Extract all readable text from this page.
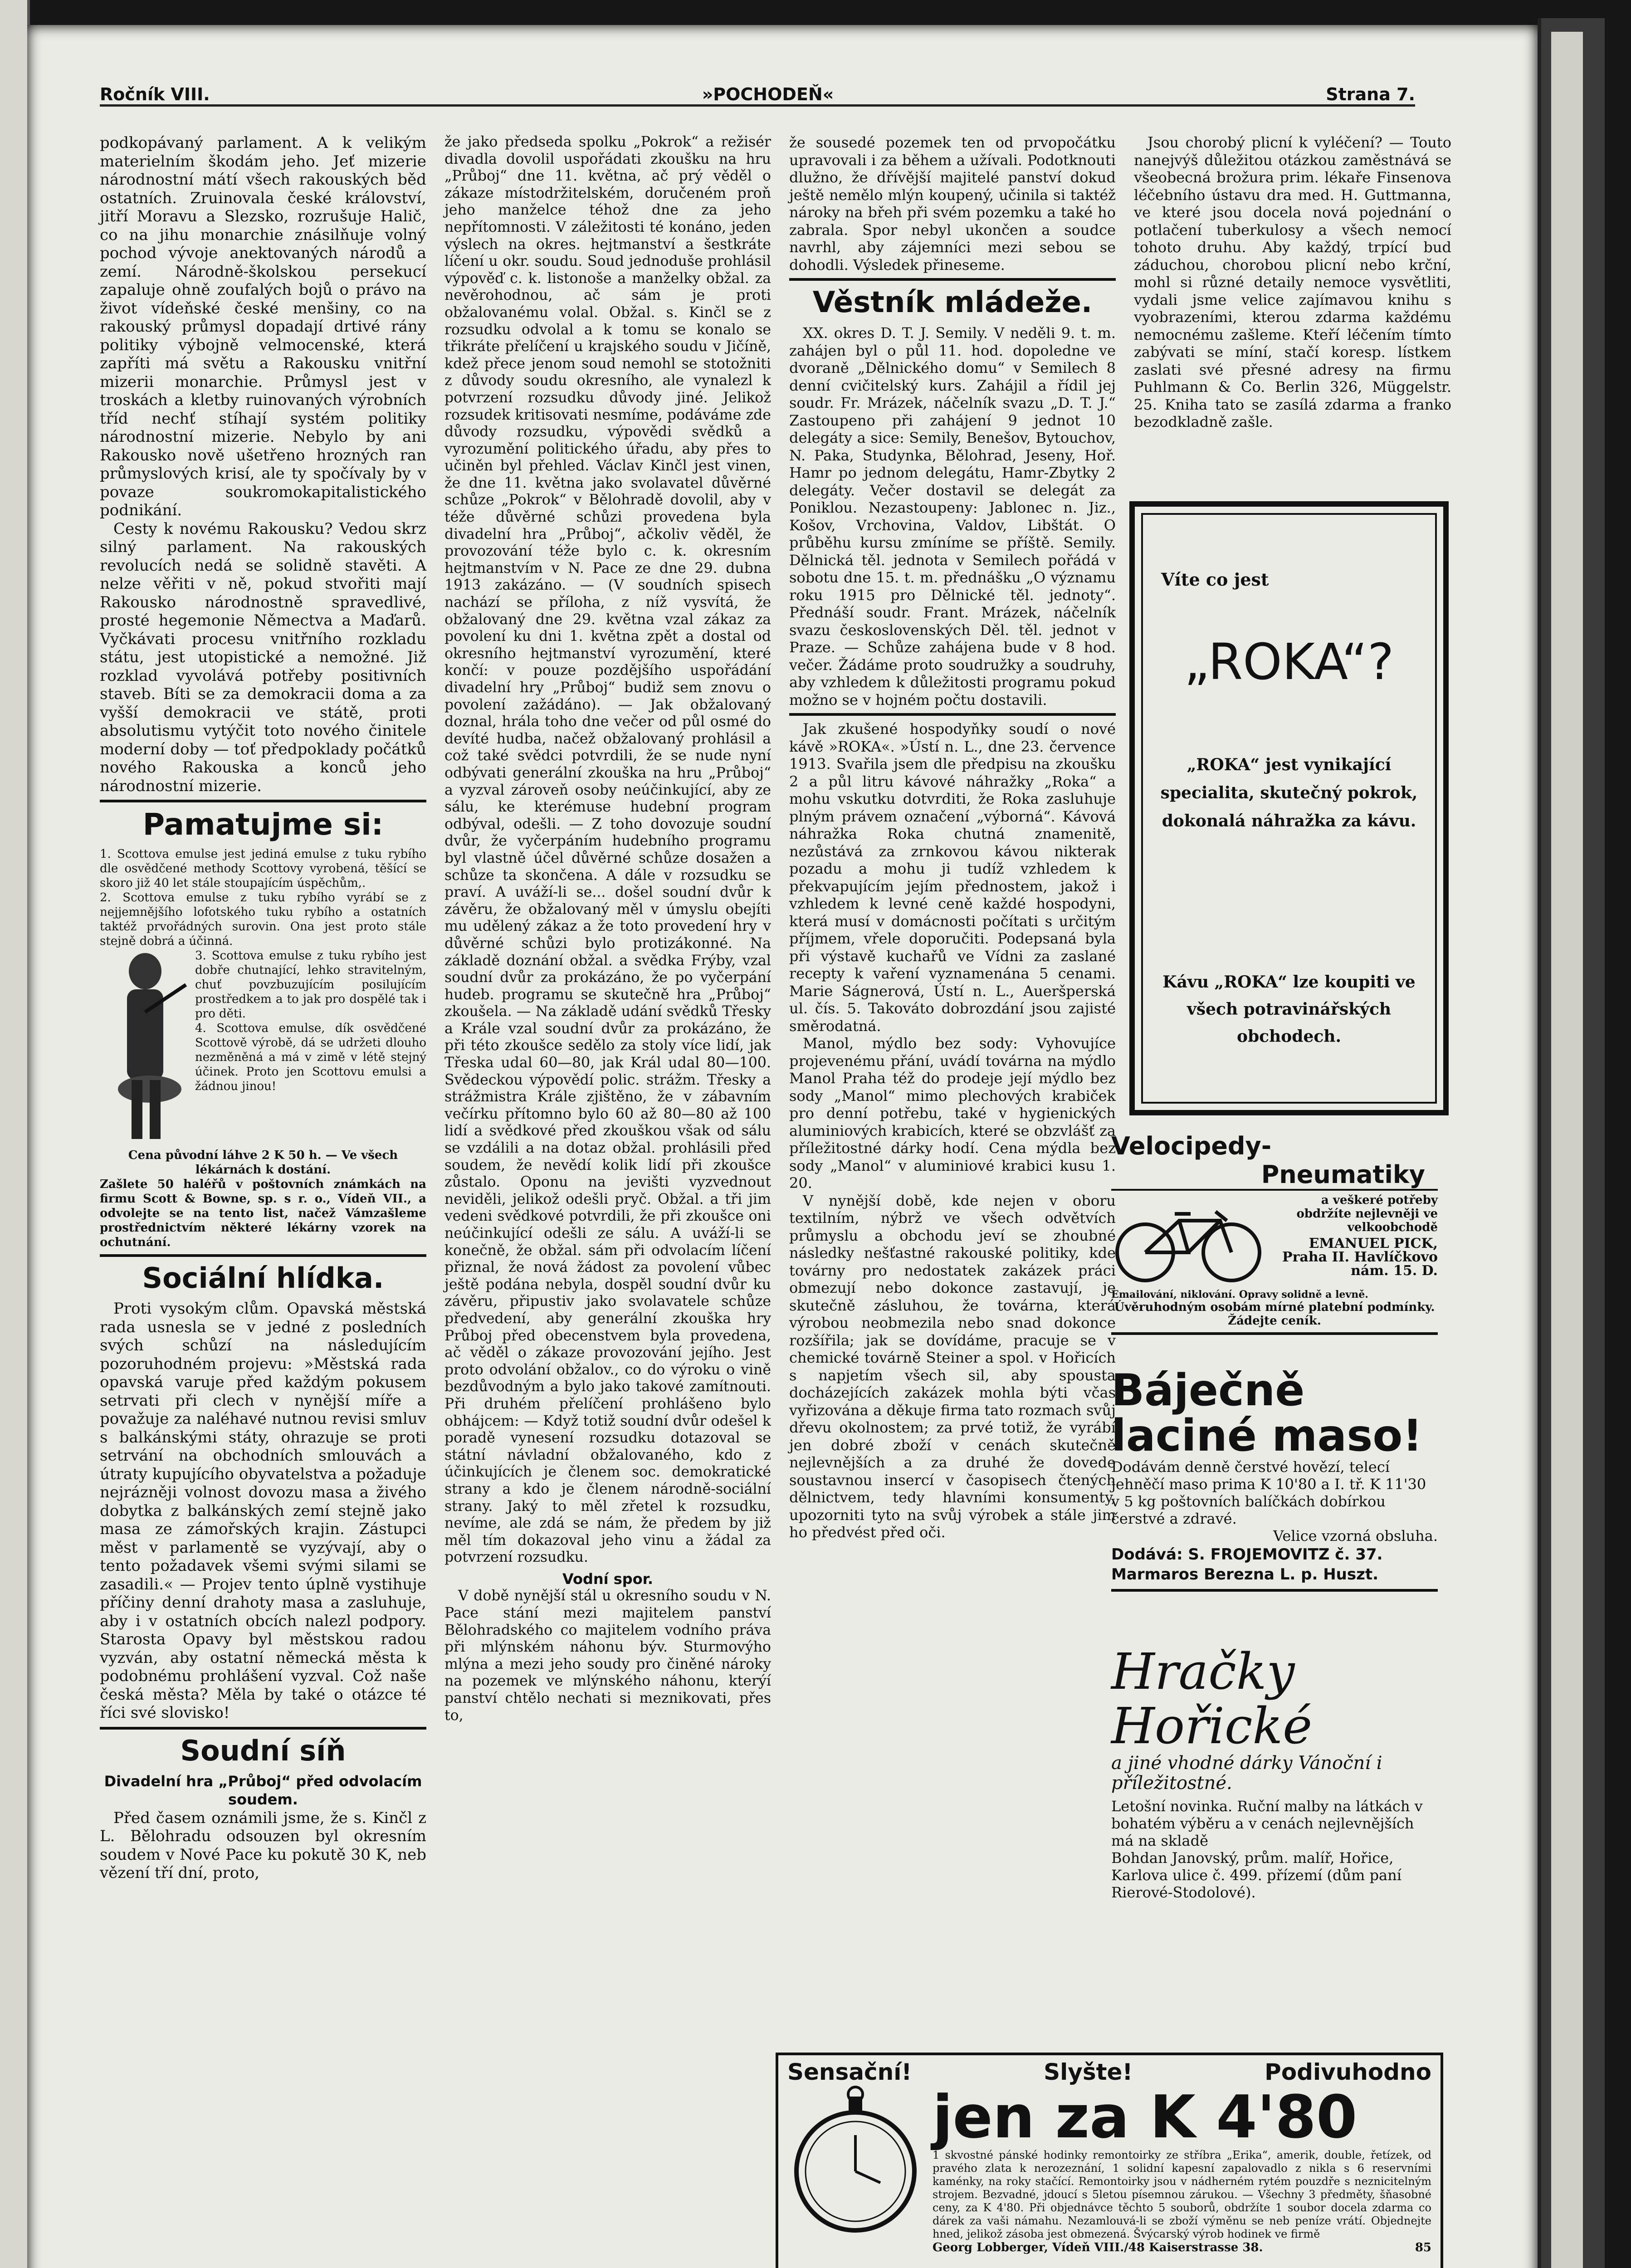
Ročník VIII.	»POCHODEŇ«	Strana 7.

podkopávaný parlament. A k velikým materielním škodám jeho. Jeť mizerie národnostní mátí všech rakouských běd ostatních. Zruinovala české království, jitří Moravu a Slezsko, rozrušuje Halič, co na jihu monarchie znásilňuje volný pochod vývoje anektovaných národů a zemí. Národně-školskou persekucí zapaluje ohně zoufalých bojů o právo na život vídeňské české menšiny, co na rakouský průmysl dopadají drtivé rány politiky výbojně velmocenské, která zapříti má světu a Rakousku vnitřní mizerii monarchie. Průmysl jest v troskách a kletby ruinovaných výrobních tříd nechť stíhají systém politiky národnostní mizerie. Nebylo by ani Rakousko nově ušetřeno hrozných ran průmyslových krisí, ale ty spočívaly by v povaze soukromokapitalistického podnikání.

Cesty k novému Rakousku? Vedou skrz silný parlament. Na rakouských revolucích nedá se solidně stavěti. A nelze věřiti v ně, pokud stvořiti mají Rakousko národnostně spravedlivé, prosté hegemonie Němectva a Maďarů. Vyčkávati procesu vnitřního rozkladu státu, jest utopistické a nemožné. Již rozklad vyvolává potřeby positivních staveb. Bíti se za demokracii doma a za vyšší demokracii ve státě, proti absolutismu vytýčit toto nového činitele moderní doby — toť předpoklady počátků nového Rakouska a konců jeho národnostní mizerie.

Pamatujme si:

1. Scottova emulse jest jediná emulse z tuku rybího dle osvědčené methody Scottovy vyrobená, těšící se skoro již 40 let stále stoupajícím úspěchům,.

2. Scottova emulse z tuku rybího vyrábí se z nejjemnějšího lofotského tuku rybího a ostatních taktéž prvořádných surovin. Ona jest proto stále stejně dobrá a účinná.

3. Scottova emulse z tuku rybího jest dobře chutnající, lehko stravitelným, chuť povzbuzujícím posilujícím prostředkem a to jak pro dospělé tak i pro děti.

4. Scottova emulse, dík osvědčené Scottově výrobě, dá se udržeti dlouho nezměněná a má v zimě v létě stejný účinek. Proto jen Scottovu emulsi a žádnou jinou!

Cena původní láhve 2 K 50 h. — Ve všech lékárnách k dostání.

Zašlete 50 haléřů v poštovních známkách na firmu Scott & Bowne, sp. s r. o., Vídeň VII., a odvolejte se na tento list, načež Vámzašleme prostřednictvím některé lékárny vzorek na ochutnání.

Sociální hlídka.

Proti vysokým clům. Opavská městská rada usnesla se v jedné z posledních svých schůzí na následujícím pozoruhodném projevu: »Městská rada opavská varuje před každým pokusem setrvati při clech v nynější míře a považuje za naléhavé nutnou revisi smluv s balkánskými státy, ohrazuje se proti setrvání na obchodních smlouvách a útraty kupujícího obyvatelstva a požaduje nejrázněji volnost dovozu masa a živého dobytka z balkánských zemí stejně jako masa ze zámořských krajin. Zástupci měst v parlamentě se vyzývají, aby o tento požadavek všemi svými silami se zasadili.« — Projev tento úplně vystihuje příčiny denní drahoty masa a zasluhuje, aby i v ostatních obcích nalezl podpory. Starosta Opavy byl městskou radou vyzván, aby ostatní německá města k podobnému prohlášení vyzval. Což naše česká města? Měla by také o otázce té říci své slovisko!

Soudní síň
Divadelní hra „Průboj“ před odvolacím soudem.

Před časem oznámili jsme, že s. Kinčl z L. Bělohradu odsouzen byl okresním soudem v Nové Pace ku pokutě 30 K, neb vězení tří dní, proto,

že jako předseda spolku „Pokrok“ a režisér divadla dovolil uspořádati zkoušku na hru „Průboj“ dne 11. května, ač prý věděl o zákaze místodržitelském, doručeném proň jeho manželce téhož dne za jeho nepřítomnosti. V záležitosti té konáno, jeden výslech na okres. hejtmanství a šestkráte líčení u okr. soudu. Soud jednoduše prohlásil výpověď c. k. listonoše a manželky obžal. za nevěrohodnou, ač sám je proti obžalovanému volal. Obžal. s. Kinčl se z rozsudku odvolal a k tomu se konalo se třikráte přelíčení u krajského soudu v Jičíně, kdež přece jenom soud nemohl se stotožniti z důvody soudu okresního, ale vynalezl k potvrzení rozsudku důvody jiné. Jelikož rozsudek kritisovati nesmíme, podáváme zde důvody rozsudku, výpovědi svědků a vyrozumění politického úřadu, aby přes to učiněn byl přehled. Václav Kinčl jest vinen, že dne 11. května jako svolavatel důvěrné schůze „Pokrok“ v Bělohradě dovolil, aby v téže důvěrné schůzi provedena byla divadelní hra „Průboj“, ačkoliv věděl, že provozování téže bylo c. k. okresním hejtmanstvím v N. Pace ze dne 29. dubna 1913 zakázáno. — (V soudních spisech nachází se příloha, z níž vysvítá, že obžalovaný dne 29. května vzal zákaz za povolení ku dni 1. května zpět a dostal od okresního hejtmanství vyrozumění, které končí: v pouze pozdějšího uspořádání divadelní hry „Průboj“ budiž sem znovu o povolení zažádáno). — Jak obžalovaný doznal, hrála toho dne večer od půl osmé do devíté hudba, načež obžalovaný prohlásil a což také svědci potvrdili, že se nude nyní odbývati generální zkouška na hru „Průboj“ a vyzval zároveň osoby neúčinkující, aby ze sálu, ke kterémuse hudební program odbýval, odešli. — Z toho dovozuje soudní dvůr, že vyčerpáním hudebního programu byl vlastně účel důvěrné schůze dosažen a schůze ta skončena. A dále v rozsudku se praví. A uváží-li se... došel soudní dvůr k závěru, že obžalovaný měl v úmyslu obejíti mu udělený zákaz a že toto provedení hry v důvěrné schůzi bylo protizákonné. Na základě doznání obžal. a svědka Frýby, vzal soudní dvůr za prokázáno, že po vyčerpání hudeb. programu se skutečně hra „Průboj“ zkoušela. — Na základě udání svědků Třesky a Krále vzal soudní dvůr za prokázáno, že při této zkoušce sedělo za stoly více lidí, jak Třeska udal 60—80, jak Král udal 80—100. Svědeckou výpovědí polic. strážm. Třesky a strážmistra Krále zjištěno, že v zábavním večírku přítomno bylo 60 až 80—80 až 100 lidí a svědkové před zkouškou však od sálu se vzdálili a na dotaz obžal. prohlásili před soudem, že nevědí kolik lidí při zkoušce zůstalo. Oponu na jevišti vyzvednout neviděli, jelikož odešli pryč. Obžal. a tři jim vedeni svědkové potvrdili, že při zkoušce oni neúčinkující odešli ze sálu. A uváží-li se konečně, že obžal. sám při odvolacím líčení přiznal, že nová žádost za povolení vůbec ještě podána nebyla, dospěl soudní dvůr ku závěru, připustiv jako svolavatele schůze předvedení, aby generální zkouška hry Průboj před obecenstvem byla provedena, ač věděl o zákaze provozování jejího. Jest proto odvolání obžalov., co do výroku o vině bezdůvodným a bylo jako takové zamítnouti. Při druhém přelíčení prohlášeno bylo obhájcem: — Když totiž soudní dvůr odešel k poradě vynesení rozsudku dotazoval se státní návladní obžalovaného, kdo z účinkujících je členem soc. demokratické strany a kdo je členem národně-sociální strany. Jaký to měl zřetel k rozsudku, nevíme, ale zdá se nám, že předem by již měl tím dokazoval jeho vinu a žádal za potvrzení rozsudku.

Vodní spor.

V době nynější stál u okresního soudu v N. Pace stání mezi majitelem panství Bělohradského co majitelem vodního práva při mlýnském náhonu býv. Sturmovýho mlýna a mezi jeho soudy pro činěné nároky na pozemek ve mlýnského náhonu, kterýí panství chtělo nechati si meznikovati, přes to,

že sousedé pozemek ten od prvopočátku upravovali i za během a užívali. Podotknouti dlužno, že dřívější majitelé panství dokud ještě nemělo mlýn koupený, učinila si taktéž nároky na břeh při svém pozemku a také ho zabrala. Spor nebyl ukončen a soudce navrhl, aby zájemníci mezi sebou se dohodli. Výsledek přineseme.

Věstník mládeže.

XX. okres D. T. J. Semily. V neděli 9. t. m. zahájen byl o půl 11. hod. dopoledne ve dvoraně „Dělnického domu“ v Semilech 8 denní cvičitelský kurs. Zahájil a řídil jej soudr. Fr. Mrázek, náčelník svazu „D. T. J.“ Zastoupeno při zahájení 9 jednot 10 delegáty a sice: Semily, Benešov, Bytouchov, N. Paka, Studynka, Bělohrad, Jeseny, Hoř. Hamr po jednom delegátu, Hamr-Zbytky 2 delegáty. Večer dostavil se delegát za Poniklou. Nezastoupeny: Jablonec n. Jiz., Košov, Vrchovina, Valdov, Libštát. O průběhu kursu zmíníme se příště. Semily. Dělnická těl. jednota v Semilech pořádá v sobotu dne 15. t. m. přednášku „O významu roku 1915 pro Dělnické těl. jednoty“. Přednáší soudr. Frant. Mrázek, náčelník svazu československých Děl. těl. jednot v Praze. — Schůze zahájena bude v 8 hod. večer. Žádáme proto soudružky a soudruhy, aby vzhledem k důležitosti programu pokud možno se v hojném počtu dostavili.

Jak zkušené hospodyňky soudí o nové kávě »ROKA«. »Ústí n. L., dne 23. července 1913. Svařila jsem dle předpisu na zkoušku 2 a půl litru kávové náhražky „Roka“ a mohu vskutku dotvrditi, že Roka zasluhuje plným právem označení „výborná“. Kávová náhražka Roka chutná znamenitě, nezůstává za zrnkovou kávou nikterak pozadu a mohu ji tudíž vzhledem k překvapujícím jejím přednostem, jakož i vzhledem k levné ceně každé hospodyni, která musí v domácnosti počítati s určitým příjmem, vřele doporučiti. Podepsaná byla při výstavě kuchařů ve Vídni za zaslané recepty k vaření vyznamenána 5 cenami. Marie Ságnerová, Ústí n. L., Aueršperská ul. čís. 5. Takováto dobrozdání jsou zajisté směrodatná.

Manol, mýdlo bez sody: Vyhovujíce projevenému přání, uvádí továrna na mýdlo Manol Praha též do prodeje její mýdlo bez sody „Manol“ mimo plechových krabiček pro denní potřebu, také v hygienických aluminiových krabicích, které se obzvlášť za příležitostné dárky hodí. Cena mýdla bez sody „Manol“ v aluminiové krabici kusu 1. 20.

V nynější době, kde nejen v oboru textilním, nýbrž ve všech odvětvích průmyslu a obchodu jeví se zhoubné následky nešťastné rakouské politiky, kde továrny pro nedostatek zakázek práci obmezují nebo dokonce zastavují, je skutečně zásluhou, že továrna, která výrobou neobmezila nebo snad dokonce rozšířila; jak se dovídáme, pracuje se v chemické továrně Steiner a spol. v Hořicích s napjetím všech sil, aby spousta docházejících zakázek mohla býti včas vyřizována a děkuje firma tato rozmach svůj dřevu okolnostem; za prvé totiž, že vyrábí jen dobré zboží v cenách skutečně nejlevnějších a za druhé že dovede soustavnou insercí v časopisech čtených dělnictvem, tedy hlavními konsumenty, upozorniti tyto na svůj výrobek a stále jim ho předvést před oči.

Jsou chorobý plicní k vyléčení? — Touto nanejvýš důležitou otázkou zaměstnává se všeobecná brožura prim. lékaře Finsenova léčebního ústavu dra med. H. Guttmanna, ve které jsou docela nová pojednání o potlačení tuberkulosy a všech nemocí tohoto druhu. Aby každý, trpící bud záduchou, chorobou plicní nebo krční, mohl si různé detaily nemoce vysvětliti, vydali jsme velice zajímavou knihu s vyobrazeními, kterou zdarma každému nemocnému zašleme. Kteří léčením tímto zabývati se míní, stačí koresp. lístkem zaslati své přesné adresy na firmu Puhlmann & Co. Berlin 326, Müggelstr. 25. Kniha tato se zasílá zdarma a franko bezodkladně zašle.

Víte co jest
„ROKA“?
„ROKA“ jest vynikající specialita, skutečný pokrok, dokonalá náhražka za kávu.
Kávu „ROKA“ lze koupiti ve všech potravinářských obchodech.
Velocipedy - Pneumatiky
a veškeré potřeby obdržíte nejlevněji ve velkoobchodě
EMANUEL PICK, Praha II. Havlíčkovo nám. 15. D.
Emailování, niklování. Opravy solidně a levně.
Úvěruhodným osobám mírné platební podmínky. Žádejte ceník.
Báječně laciné maso!
Dodávám denně čerstvé hovězí, telecí jehněčí maso prima K 10'80 a I. tř. K 11'30 v 5 kg poštovních balíčkách dobírkou čerstvé a zdravé.
Velice vzorná obsluha.
Dodává: S. FROJEMOVITZ č. 37. Marmaros Berezna L. p. Huszt.
Hračky Hořické
a jiné vhodné dárky Vánoční i příležitostné.
Letošní novinka. Ruční malby na látkách v bohatém výběru a v cenách nejlevnějších má na skladě
Bohdan Janovský, prům. malíř, Hořice, Karlova ulice č. 499. přízemí (dům paní Rierové-Stodolové).
Sensační!	Slyšte!	Podivuhodno
jen za K 4'80
1 skvostné pánské hodinky remontoirky ze stříbra „Erika“, amerik, double, řetízek, od pravého zlata k nerozeznání, 1 solidní kapesní zapalovadlo z nikla s 6 reservními kaménky, na roky stačící. Remontoirky jsou v nádherném rytém pouzdře s neznicitelným strojem. Bezvadné, jdoucí s 5letou písemnou zárukou. — Všechny 3 předměty, šňasobné ceny, za K 4'80. Při objednávce těchto 5 souborů, obdržíte 1 soubor docela zdarma co dárek za vaši námahu. Nezamlouvá-li se zboží výměnu se neb peníze vrátí. Objednejte hned, jelikož zásoba jest obmezená. Švýcarský výrob hodinek ve firmě
Georg Lobberger, Vídeň VIII./48 Kaiserstrasse 38.	85
